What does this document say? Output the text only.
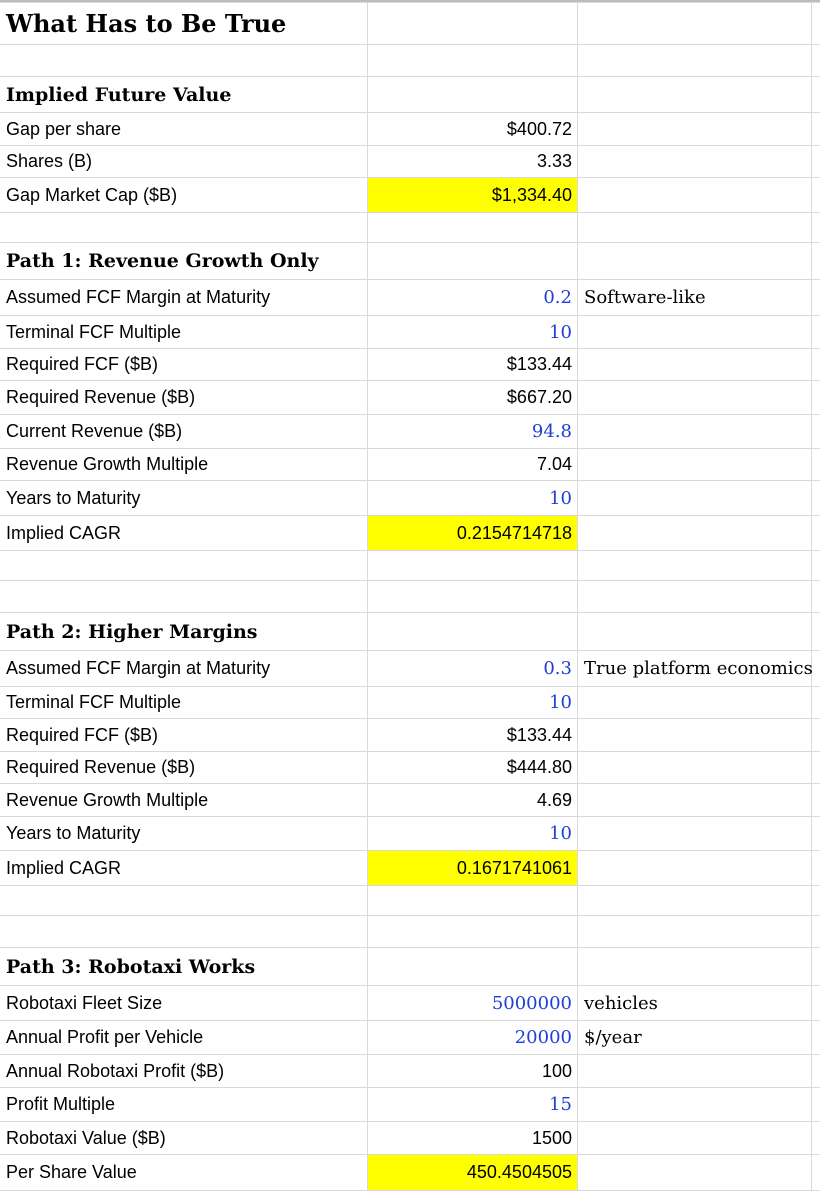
What Has to Be True
Implied Future Value
Gap per share	$400.72
Shares (B)	3.33
Gap Market Cap ($B)	$1,334.40
Path 1: Revenue Growth Only
Assumed FCF Margin at Maturity	0.2 Software-like
Terminal FCF Multiple	10
Required FCF ($B)	$133.44
Required Revenue ($B)	$667.20
Current Revenue ($B)	94.8
Revenue Growth Multiple	7.04
Years to Maturity	10
Implied CAGR	0.2154714718
Path 2: Higher Margins
Assumed FCF Margin at Maturity	0.3 True platform economics
Terminal FCF Multiple	10
Required FCF ($B)	$133.44
Required Revenue ($B)	$444.80
Revenue Growth Multiple	4.69
Years to Maturity	10
Implied CAGR	0.1671741061
Path 3: Robotaxi Works
Robotaxi Fleet Size	5000000 vehicles
Annual Profit per Vehicle	20000 $/year
Annual Robotaxi Profit ($B)	100
Profit Multiple	15
Robotaxi Value ($B)	1500
Per Share Value	450.4504505
